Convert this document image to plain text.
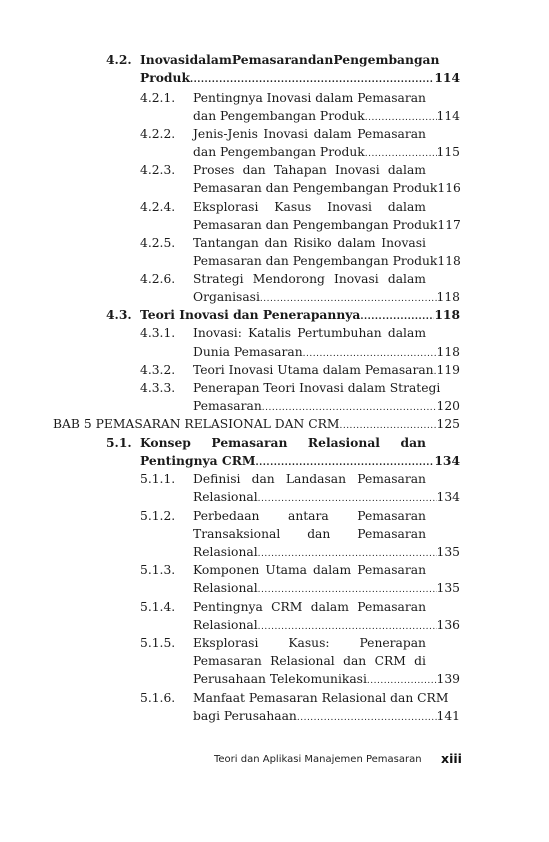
4.2. Inovasi dalam Pemasaran dan Pengembangan
Produk .....	114
4.2.1. Pentingnya Inovasi dalam Pemasaran
dan Pengembangan Produk .....	114
4.2.2. Jenis-Jenis Inovasi dalam Pemasaran
dan Pengembangan Produk .....	115
4.2.3. Proses dan Tahapan Inovasi dalam
Pemasaran dan Pengembangan Produk 116
4.2.4. Eksplorasi Kasus Inovasi dalam
Pemasaran dan Pengembangan Produk 117
4.2.5. Tantangan dan Risiko dalam Inovasi
Pemasaran dan Pengembangan Produk 118
4.2.6. Strategi Mendorong Inovasi dalam
Organisasi .....	118
4.3. Teori Inovasi dan Penerapannya .....	118
4.3.1. Inovasi: Katalis Pertumbuhan dalam
Dunia Pemasaran .....	118
4.3.2. Teori Inovasi Utama dalam Pemasaran ..... 119
4.3.3. Penerapan Teori Inovasi dalam Strategi
Pemasaran .....	120
BAB 5 PEMASARAN RELASIONAL DAN CRM .....	125
5.1. Konsep Pemasaran Relasional dan
Pentingnya CRM .....	134
5.1.1. Definisi dan Landasan Pemasaran
Relasional .....	134
5.1.2. Perbedaan antara Pemasaran
Transaksional dan Pemasaran
Relasional .....	135
5.1.3. Komponen Utama dalam Pemasaran
Relasional .....	135
5.1.4. Pentingnya CRM dalam Pemasaran
Relasional .....	136
5.1.5. Eksplorasi Kasus: Penerapan
Pemasaran Relasional dan CRM di
Perusahaan Telekomunikasi .....	139
5.1.6. Manfaat Pemasaran Relasional dan CRM
bagi Perusahaan .....	141
Teori dan Aplikasi Manajemen Pemasaran xiii
